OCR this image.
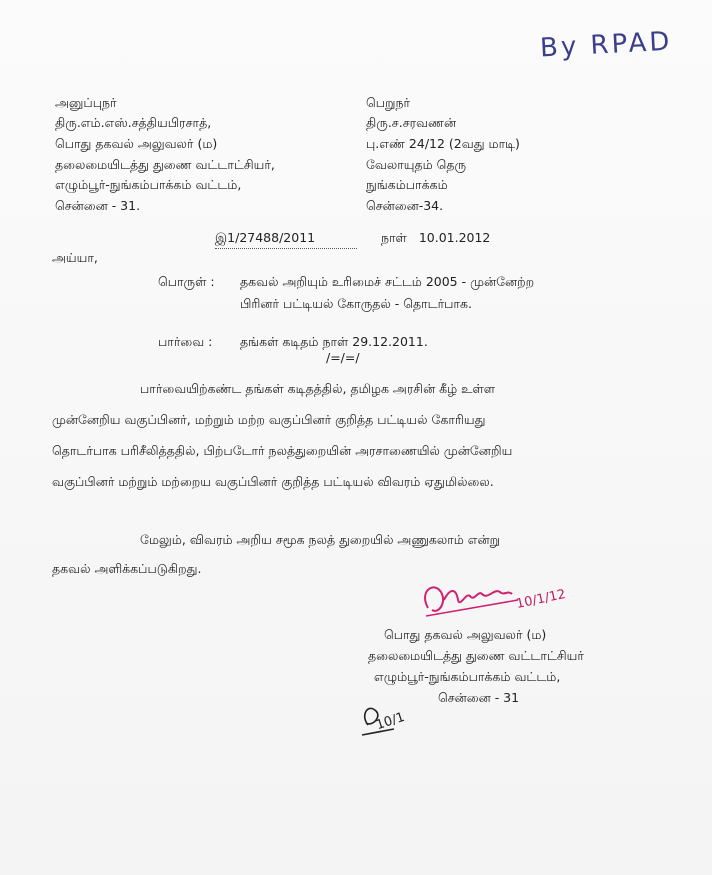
By RPAD
அனுப்புநர்
திரு.எம்.எஸ்.சத்தியபிரசாத்,
பொது தகவல் அலுவலர் (ம)
தலைமையிடத்து துணை வட்டாட்சியர்,
எழும்பூர்-நுங்கம்பாக்கம் வட்டம்,
சென்னை - 31.
பெறுநர்
திரு.ச.சரவணன்
பு.எண் 24/12 (2வது மாடி)
வேலாயுதம் தெரு
நுங்கம்பாக்கம்
சென்னை-34.
இ1/27488/2011	நாள் 10.01.2012
அய்யா,
பொருள் : தகவல் அறியும் உரிமைச் சட்டம் 2005 - முன்னேற்ற
பிரினர் பட்டியல் கோருதல் - தொடர்பாக.
பார்வை : தங்கள் கடிதம் நாள் 29.12.2011.
/=/=/
பார்வையிற்கண்ட தங்கள் கடிதத்தில், தமிழக அரசின் கீழ் உள்ள
முன்னேறிய வகுப்பினர், மற்றும் மற்ற வகுப்பினர் குறித்த பட்டியல் கோரியது
தொடர்பாக பரிசீலித்ததில், பிற்படோர் நலத்துறையின் அரசாணையில் முன்னேறிய
வகுப்பினர் மற்றும் மற்றைய வகுப்பினர் குறித்த பட்டியல் விவரம் ஏதுமில்லை.
மேலும், விவரம் அறிய சமூக நலத் துறையில் அணுகலாம் என்று
தகவல் அளிக்கப்படுகிறது.
10/1/12
பொது தகவல் அலுவலர் (ம)
தலைமையிடத்து துணை வட்டாட்சியர்
எழும்பூர்-நுங்கம்பாக்கம் வட்டம்,
சென்னை - 31
10/1
